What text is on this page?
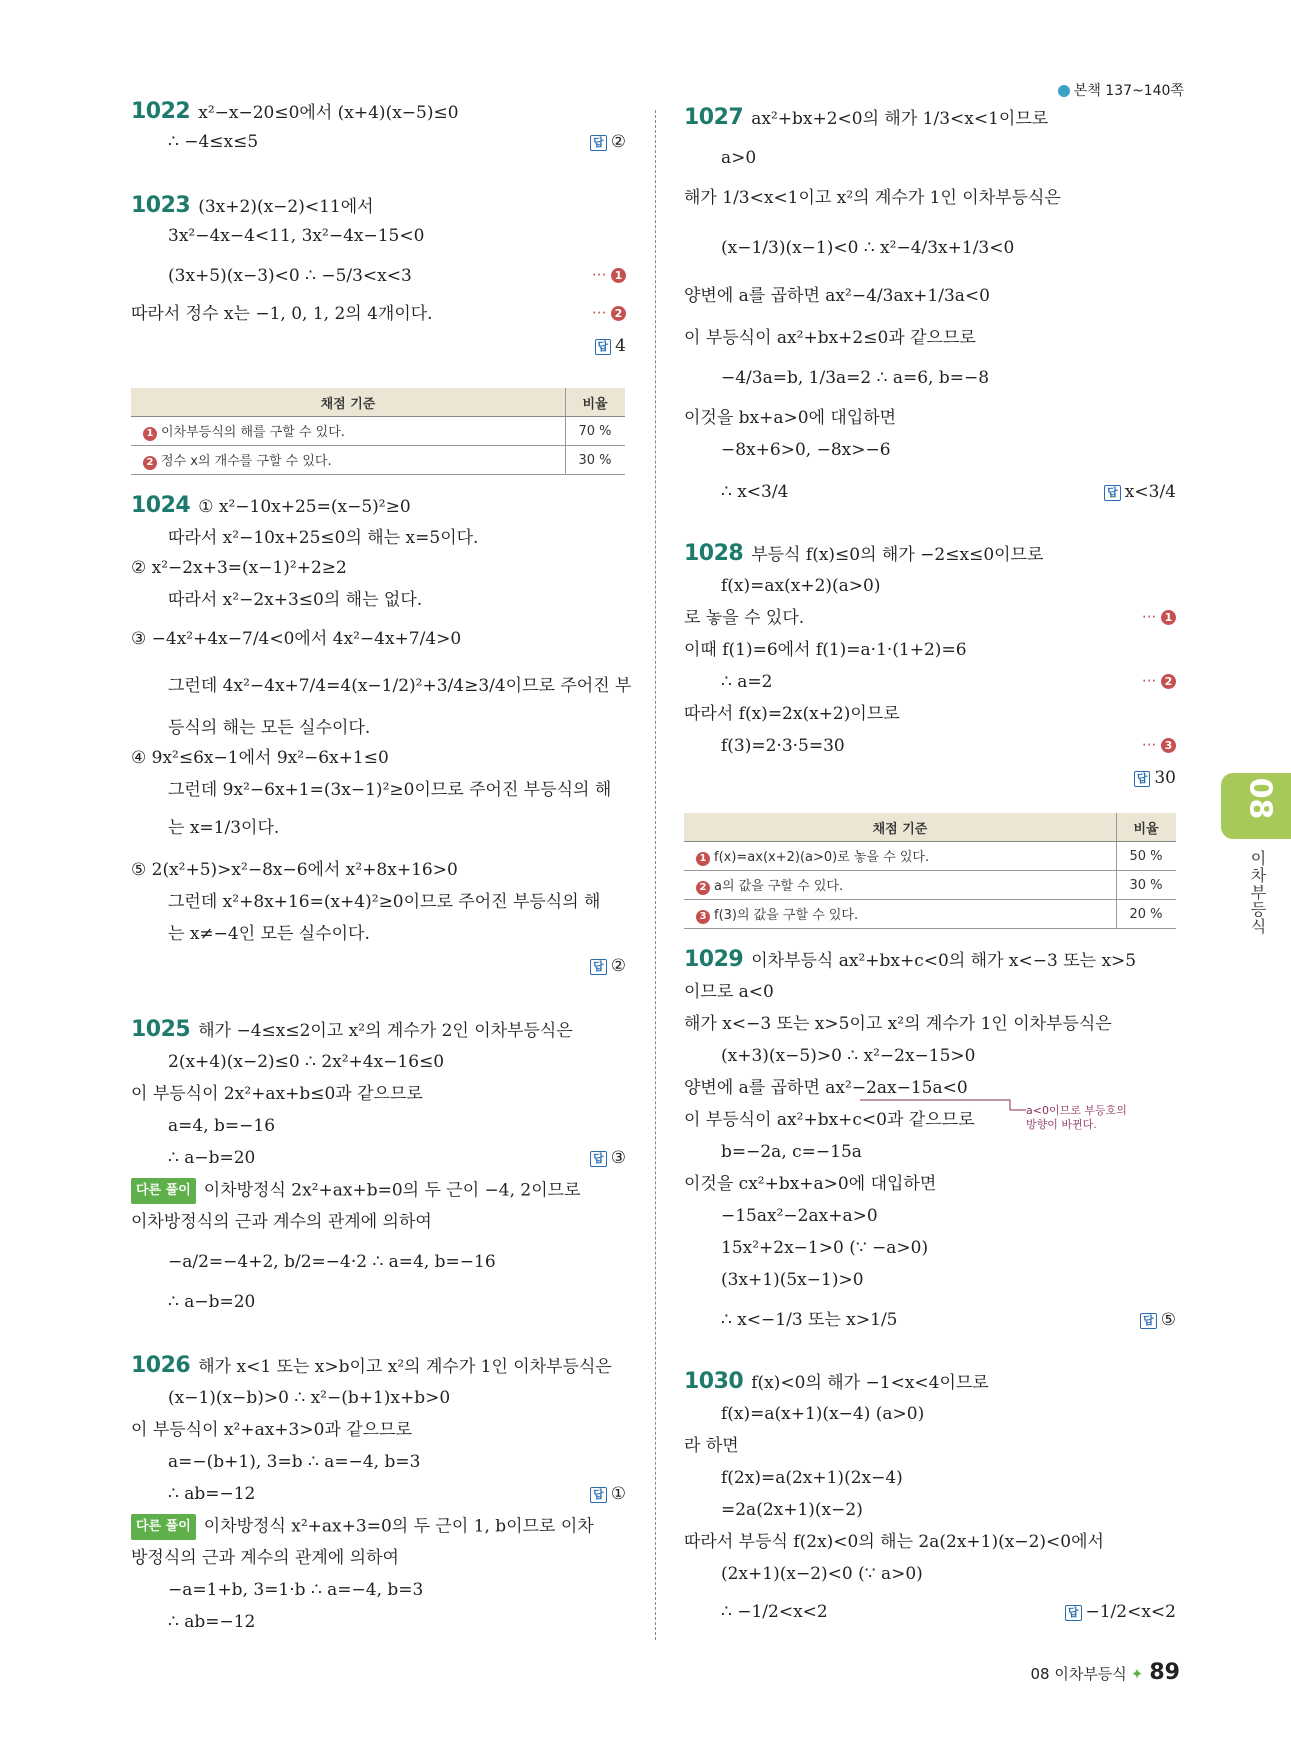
본책 137~140쪽
1022 x²−x−20≤0에서 (x+4)(x−5)≤0
∴ −4≤x≤5	답 ②
1023 (3x+2)(x−2)<11에서
3x²−4x−4<11, 3x²−4x−15<0
(3x+5)(x−3)<0 ∴ −5/3<x<3	··· 1
따라서 정수 x는 −1, 0, 1, 2의 4개이다.	··· 2
답 4
1024 ① x²−10x+25=(x−5)²≥0
따라서 x²−10x+25≤0의 해는 x=5이다.
② x²−2x+3=(x−1)²+2≥2
따라서 x²−2x+3≤0의 해는 없다.
③ −4x²+4x−7/4<0에서 4x²−4x+7/4>0
그런데 4x²−4x+7/4=4(x−1/2)²+3/4≥3/4이므로 주어진 부
등식의 해는 모든 실수이다.
④ 9x²≤6x−1에서 9x²−6x+1≤0
그런데 9x²−6x+1=(3x−1)²≥0이므로 주어진 부등식의 해
는 x=1/3이다.
⑤ 2(x²+5)>x²−8x−6에서 x²+8x+16>0
그런데 x²+8x+16=(x+4)²≥0이므로 주어진 부등식의 해
는 x≠−4인 모든 실수이다.
답 ②
1025 해가 −4≤x≤2이고 x²의 계수가 2인 이차부등식은
2(x+4)(x−2)≤0 ∴ 2x²+4x−16≤0
이 부등식이 2x²+ax+b≤0과 같으므로
a=4, b=−16
∴ a−b=20	답 ③
다른 풀이 이차방정식 2x²+ax+b=0의 두 근이 −4, 2이므로
이차방정식의 근과 계수의 관계에 의하여
−a/2=−4+2, b/2=−4·2 ∴ a=4, b=−16
∴ a−b=20
1026 해가 x<1 또는 x>b이고 x²의 계수가 1인 이차부등식은
(x−1)(x−b)>0 ∴ x²−(b+1)x+b>0
이 부등식이 x²+ax+3>0과 같으므로
a=−(b+1), 3=b ∴ a=−4, b=3
∴ ab=−12	답 ①
다른 풀이 이차방정식 x²+ax+3=0의 두 근이 1, b이므로 이차
방정식의 근과 계수의 관계에 의하여
−a=1+b, 3=1·b ∴ a=−4, b=3
∴ ab=−12
1027 ax²+bx+2<0의 해가 1/3<x<1이므로
a>0
해가 1/3<x<1이고 x²의 계수가 1인 이차부등식은
(x−1/3)(x−1)<0 ∴ x²−4/3x+1/3<0
양변에 a를 곱하면 ax²−4/3ax+1/3a<0
이 부등식이 ax²+bx+2≤0과 같으므로
−4/3a=b, 1/3a=2 ∴ a=6, b=−8
이것을 bx+a>0에 대입하면
−8x+6>0, −8x>−6
∴ x<3/4	답 x<3/4
1028 부등식 f(x)≤0의 해가 −2≤x≤0이므로
f(x)=ax(x+2)(a>0)
로 놓을 수 있다.	··· 1
이때 f(1)=6에서 f(1)=a·1·(1+2)=6
∴ a=2	··· 2
따라서 f(x)=2x(x+2)이므로
f(3)=2·3·5=30	··· 3
답 30
1029 이차부등식 ax²+bx+c<0의 해가 x<−3 또는 x>5
이므로 a<0
해가 x<−3 또는 x>5이고 x²의 계수가 1인 이차부등식은
(x+3)(x−5)>0 ∴ x²−2x−15>0
양변에 a를 곱하면 ax²−2ax−15a<0
이 부등식이 ax²+bx+c<0과 같으므로
b=−2a, c=−15a
이것을 cx²+bx+a>0에 대입하면
−15ax²−2ax+a>0
15x²+2x−1>0 (∵ −a>0)
(3x+1)(5x−1)>0
∴ x<−1/3 또는 x>1/5	답 ⑤
1030 f(x)<0의 해가 −1<x<4이므로
f(x)=a(x+1)(x−4) (a>0)
라 하면
f(2x)=a(2x+1)(2x−4)
=2a(2x+1)(x−2)
따라서 부등식 f(2x)<0의 해는 2a(2x+1)(x−2)<0에서
(2x+1)(x−2)<0 (∵ a>0)
∴ −1/2<x<2	답 −1/2<x<2
채점 기준	비율
1 이차부등식의 해를 구할 수 있다.	70 %
2 정수 x의 개수를 구할 수 있다.	30 %
채점 기준	비율
1 f(x)=ax(x+2)(a>0)로 놓을 수 있다.	50 %
2 a의 값을 구할 수 있다.	30 %
3 f(3)의 값을 구할 수 있다.	20 %
a<0이므로 부등호의
방향이 바뀐다.
08
이차부등식
08 이차부등식 ✦ 89
